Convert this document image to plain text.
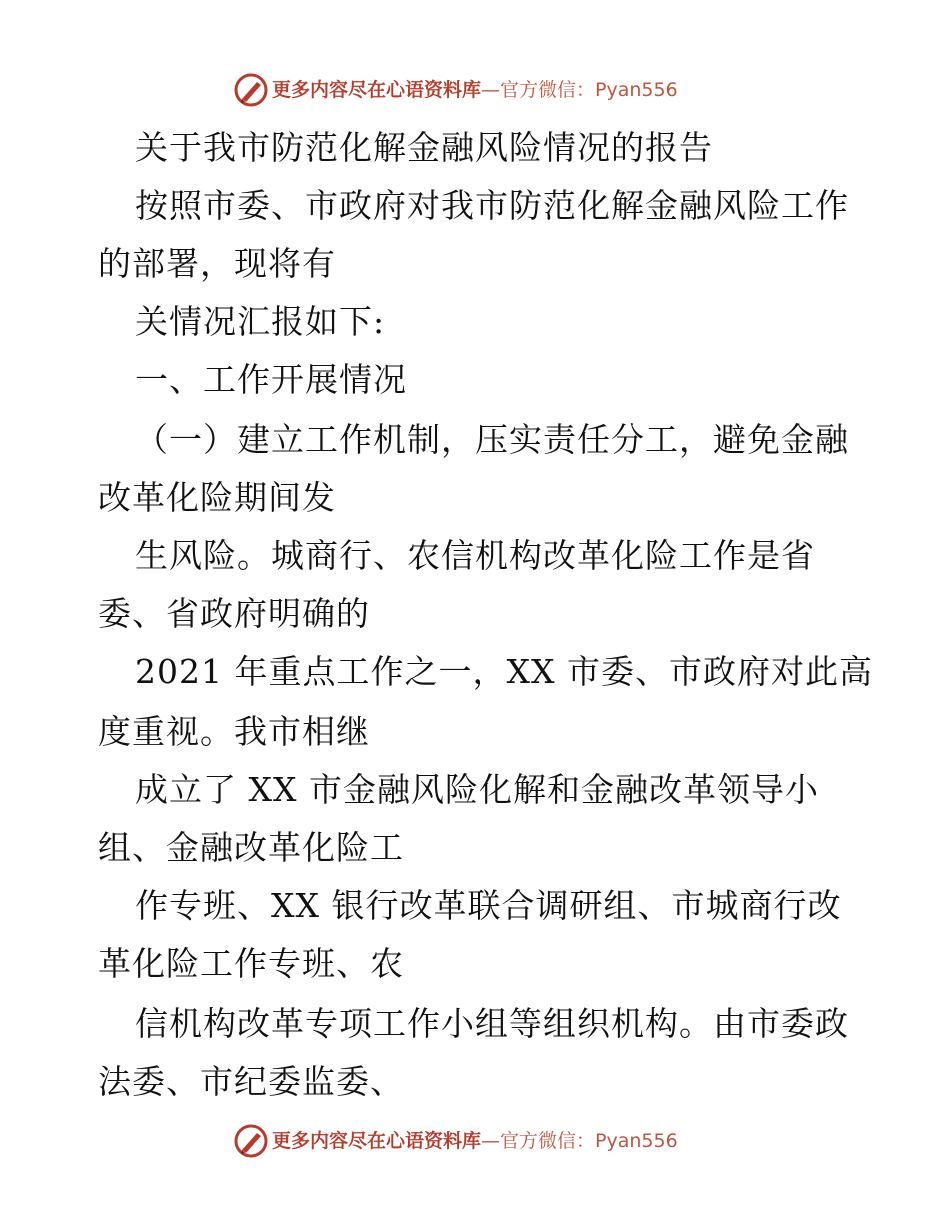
更多内容尽在心语资料库—官方微信：Pyan556
关于我市防范化解金融风险情况的报告
按照市委、市政府对我市防范化解金融风险工作
的部署，现将有
关情况汇报如下:
一、工作开展情况
（一）建立工作机制，压实责任分工，避免金融
改革化险期间发
生风险。城商行、农信机构改革化险工作是省
委、省政府明确的
2021 年重点工作之一，XX 市委、市政府对此高
度重视。我市相继
成立了 XX 市金融风险化解和金融改革领导小
组、金融改革化险工
作专班、XX 银行改革联合调研组、市城商行改
革化险工作专班、农
信机构改革专项工作小组等组织机构。由市委政
法委、市纪委监委、
更多内容尽在心语资料库—官方微信：Pyan556
